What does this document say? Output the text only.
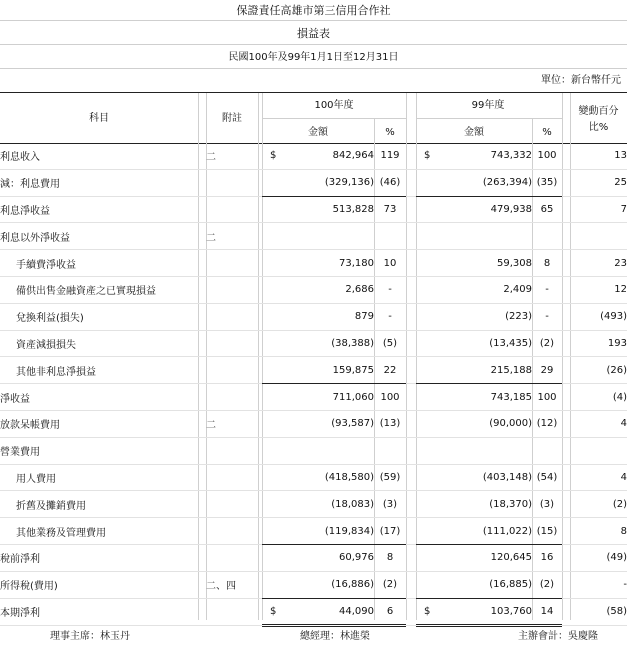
保證責任高雄市第三信用合作社
損益表
民國100年及99年1月1日至12月31日
單位：新台幣仟元
科目	附註
100年度	99年度
金額	%	金額	%
變動百分比%
利息收入		二		$ 842,964	119		$ 743,332	100		13
減：利息費用				(329,136)	(46)		(263,394)	(35)		25
利息淨收益				513,828	73		479,938	65		7
利息以外淨收益		二		

手續費淨收益				73,180	10		59,308	8		23
備供出售金融資產之已實現損益				2,686	-		2,409	-		12
兌換利益(損失)				879	-		(223)	-		(493)
資產減損損失				(38,388)	(5)		(13,435)	(2)		193
其他非利息淨損益				159,875	22		215,188	29		(26)
淨收益				711,060	100		743,185	100		(4)
放款呆帳費用		二		(93,587)	(13)		(90,000)	(12)		4
營業費用				

用人費用				(418,580)	(59)		(403,148)	(54)		4
折舊及攤銷費用				(18,083)	(3)		(18,370)	(3)		(2)
其他業務及管理費用				(119,834)	(17)		(111,022)	(15)		8
稅前淨利				60,976	8		120,645	16		(49)
所得稅(費用)		二、四		(16,886)	(2)		(16,885)	(2)		-
本期淨利				$ 44,090	6		$ 103,760	14		(58)
理事主席：林玉丹	總經理：林進榮	主辦會計：吳慶隆
